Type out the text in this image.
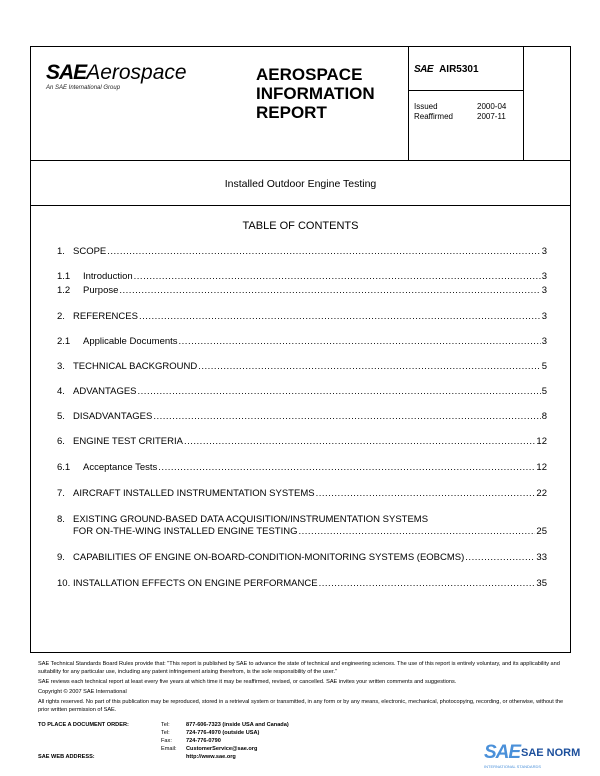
SAEAerospace
An SAE International Group
AEROSPACE
INFORMATION
REPORT
SAE AIR5301
Issued	2000-04
Reaffirmed	2007-11
Installed Outdoor Engine Testing
TABLE OF CONTENTS
1. SCOPE .....	3
1.1	Introduction .....	3
1.2	Purpose .....	3
2. REFERENCES .....	3
2.1	Applicable Documents .....	3
3. TECHNICAL BACKGROUND .....	5
4. ADVANTAGES .....	5
5. DISADVANTAGES .....	8
6. ENGINE TEST CRITERIA .....	12
6.1	Acceptance Tests .....	12
7. AIRCRAFT INSTALLED INSTRUMENTATION SYSTEMS .....	22
8. EXISTING GROUND-BASED DATA ACQUISITION/INSTRUMENTATION SYSTEMS
FOR ON-THE-WING INSTALLED ENGINE TESTING .....	25
9. CAPABILITIES OF ENGINE ON-BOARD-CONDITION-MONITORING SYSTEMS (EOBCMS) .....	33
10. INSTALLATION EFFECTS ON ENGINE PERFORMANCE .....	35

SAE Technical Standards Board Rules provide that: "This report is published by SAE to advance the state of technical and engineering sciences. The use of this report is entirely voluntary, and its applicability and suitability for any particular use, including any patent infringement arising therefrom, is the sole responsibility of the user."

SAE reviews each technical report at least every five years at which time it may be reaffirmed, revised, or cancelled. SAE invites your written comments and suggestions.

Copyright © 2007 SAE International

All rights reserved. No part of this publication may be reproduced, stored in a retrieval system or transmitted, in any form or by any means, electronic, mechanical, photocopying, recording, or otherwise, without the prior written permission of SAE.

TO PLACE A DOCUMENT ORDER:	Tel:	877-606-7323 (inside USA and Canada)
Tel:	724-776-4970 (outside USA)
Fax:	724-776-0790
Email: CustomerService@sae.org
SAE WEB ADDRESS:	http://www.sae.org	SAE SAE NORM
INTERNATIONAL STANDARDS
